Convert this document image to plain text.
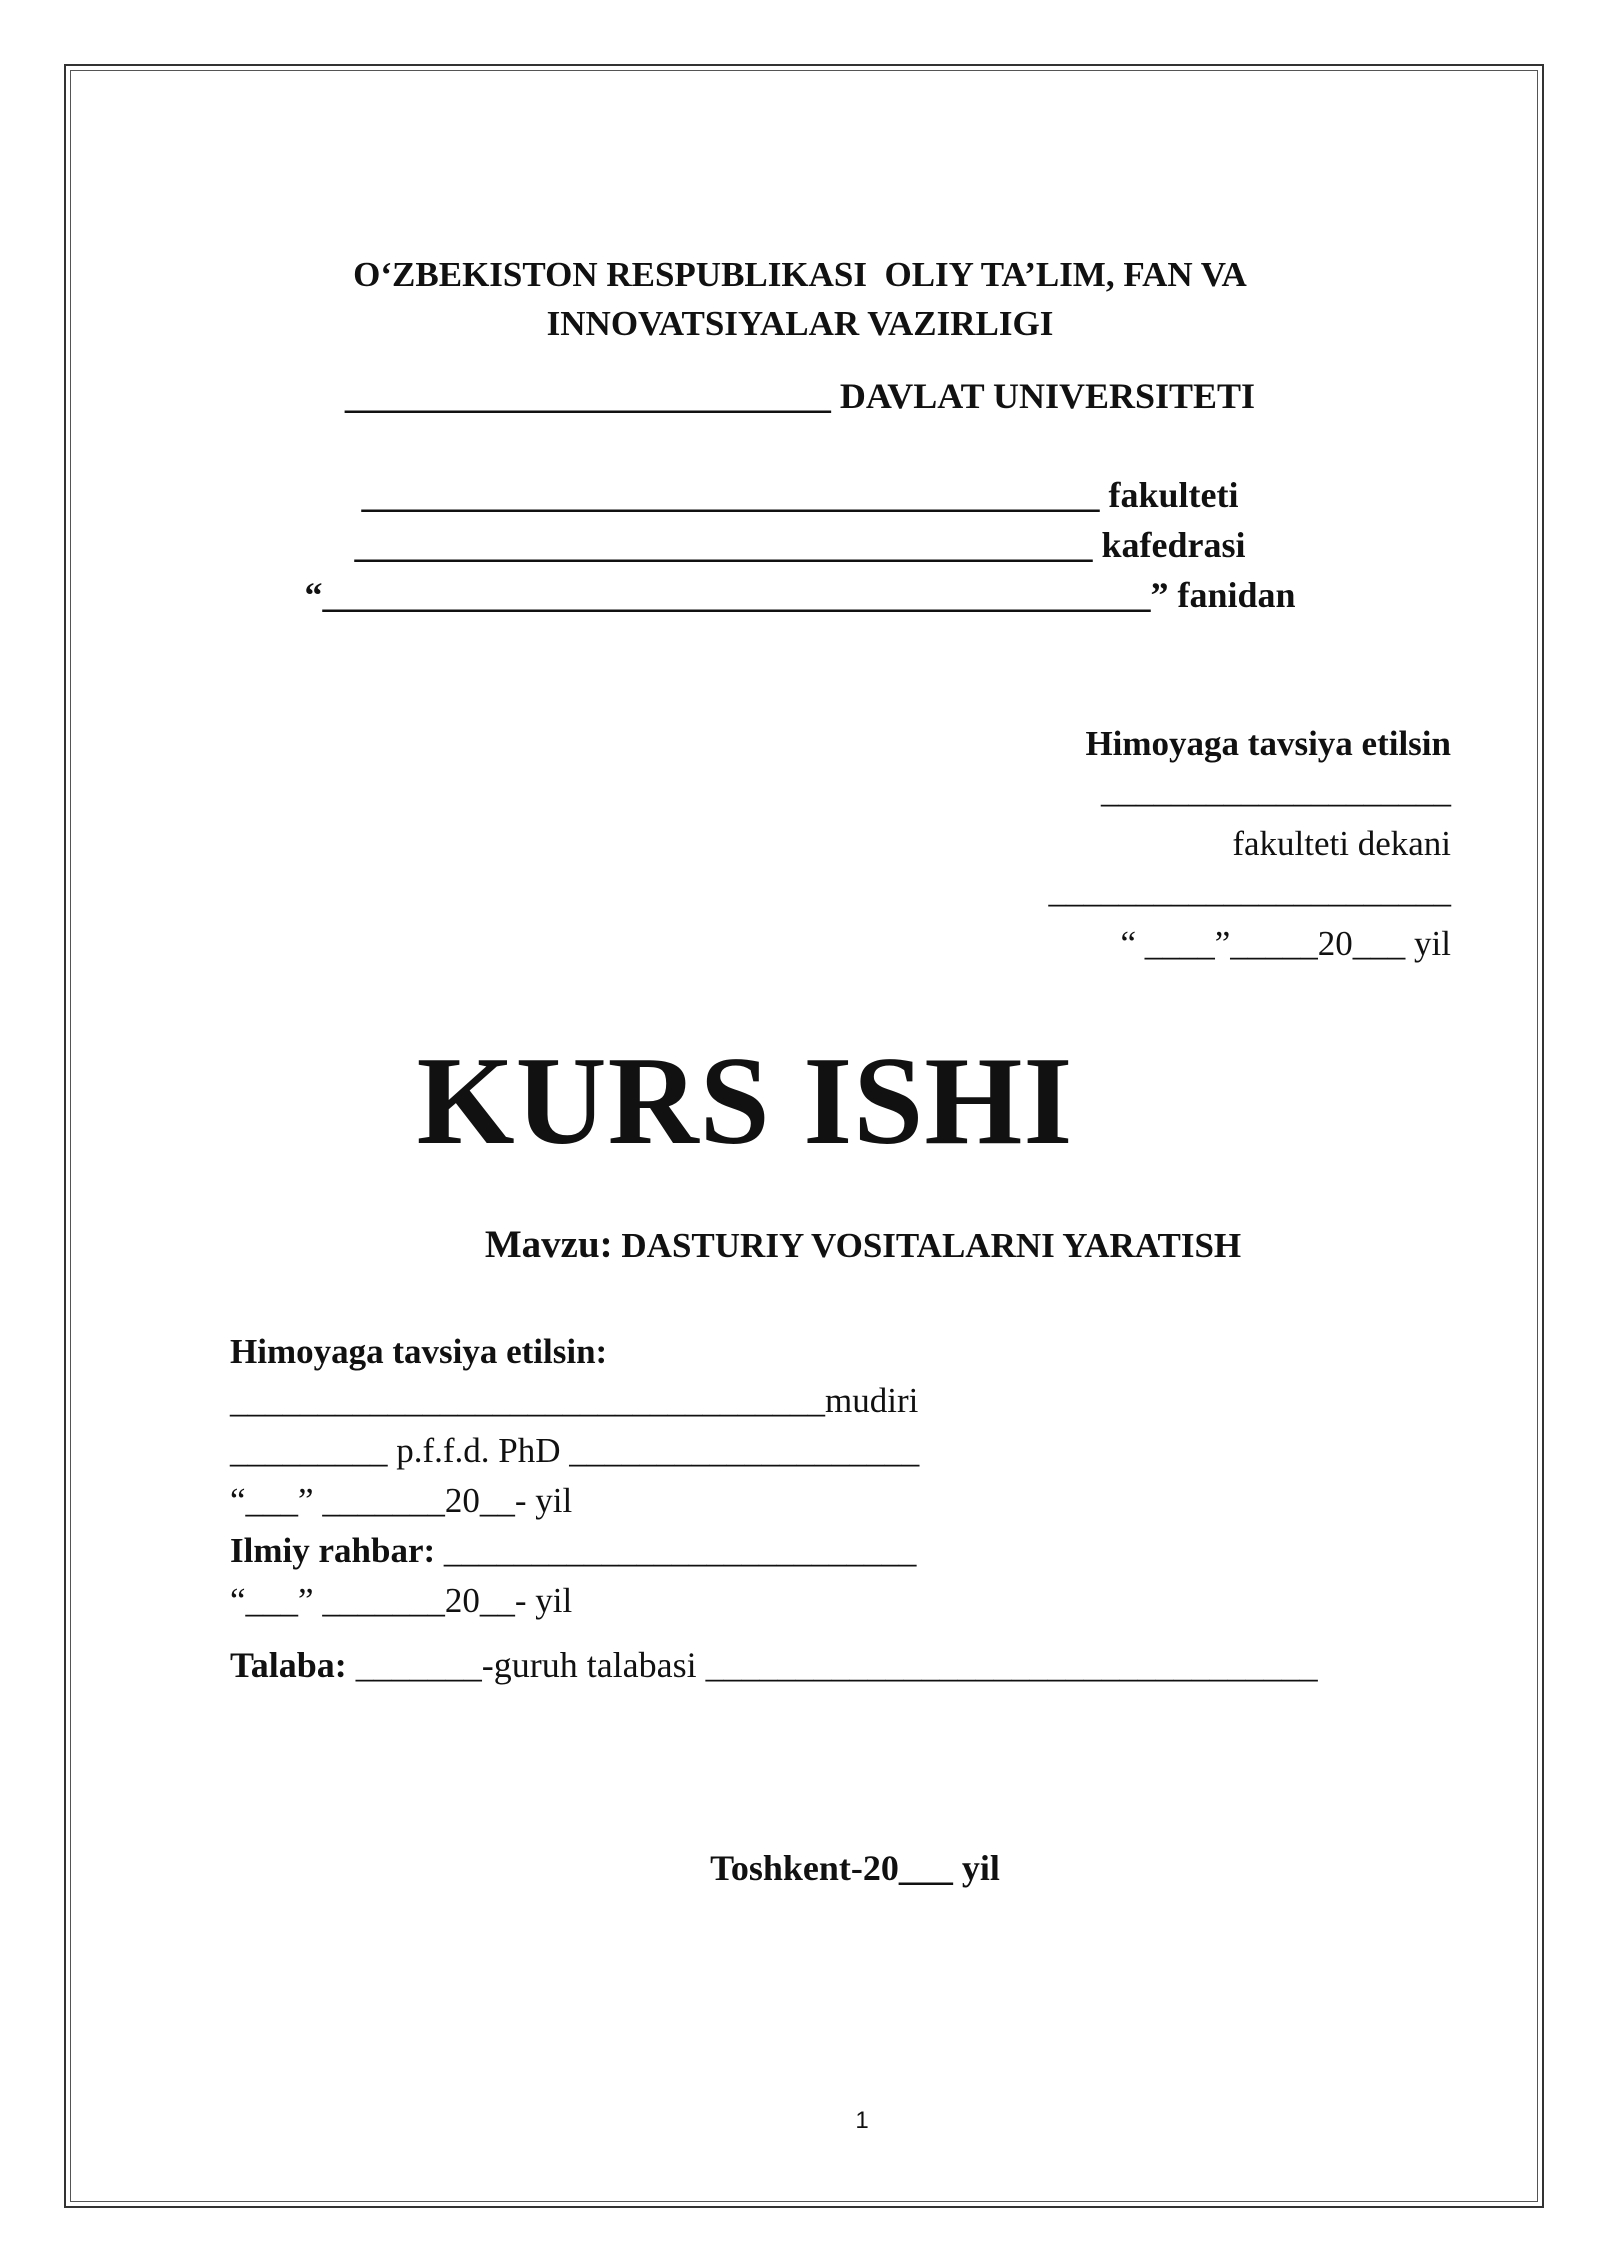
O‘ZBEKISTON RESPUBLIKASI  OLIY TA’LIM, FAN VA
INNOVATSIYALAR VAZIRLIGI
___________________________ DAVLAT UNIVERSITETI
_________________________________________ fakulteti
_________________________________________ kafedrasi
“______________________________________________” fanidan
Himoyaga tavsiya etilsin
____________________
fakulteti dekani
_______________________
“ ____”_____20___ yil
KURS ISHI
Mavzu: DASTURIY VOSITALARNI YARATISH
Himoyaga tavsiya etilsin:
__________________________________mudiri
_________ p.f.f.d. PhD ____________________
“___” _______20__- yil
Ilmiy rahbar: ___________________________
“___” _______20__- yil
Talaba: _______-guruh talabasi __________________________________
Toshkent-20___ yil
1
